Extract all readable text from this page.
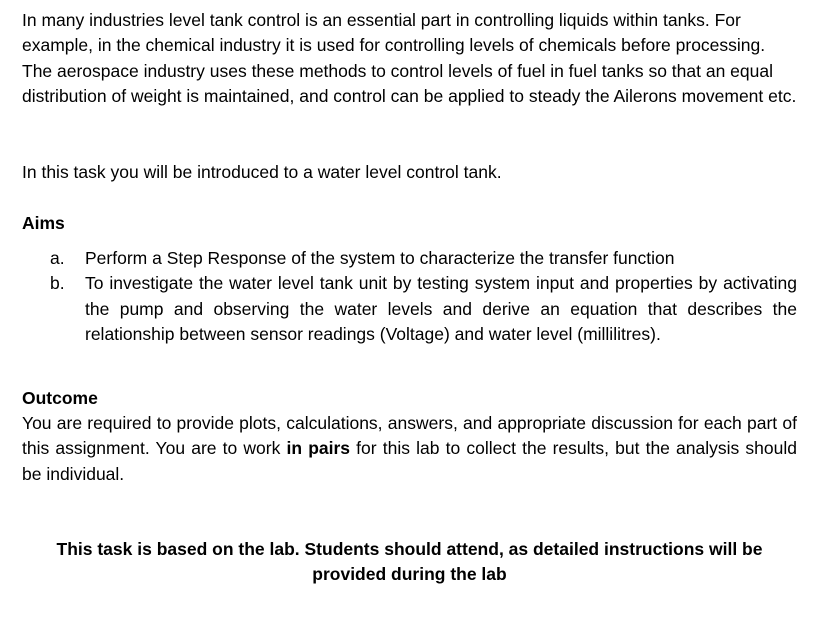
In many industries level tank control is an essential part in controlling liquids within tanks. For example, in the chemical industry it is used for controlling levels of chemicals before processing. The aerospace industry uses these methods to control levels of fuel in fuel tanks so that an equal distribution of weight is maintained, and control can be applied to steady the Ailerons movement etc.

In this task you will be introduced to a water level control tank.

Aims

a.	Perform a Step Response of the system to characterize the transfer function
b.	To investigate the water level tank unit by testing system input and properties by activating the pump and observing the water levels and derive an equation that describes the relationship between sensor readings (Voltage) and water level (millilitres).

Outcome

You are required to provide plots, calculations, answers, and appropriate discussion for each part of this assignment. You are to work in pairs for this lab to collect the results, but the analysis should be individual.

This task is based on the lab. Students should attend, as detailed instructions will be
provided during the lab
